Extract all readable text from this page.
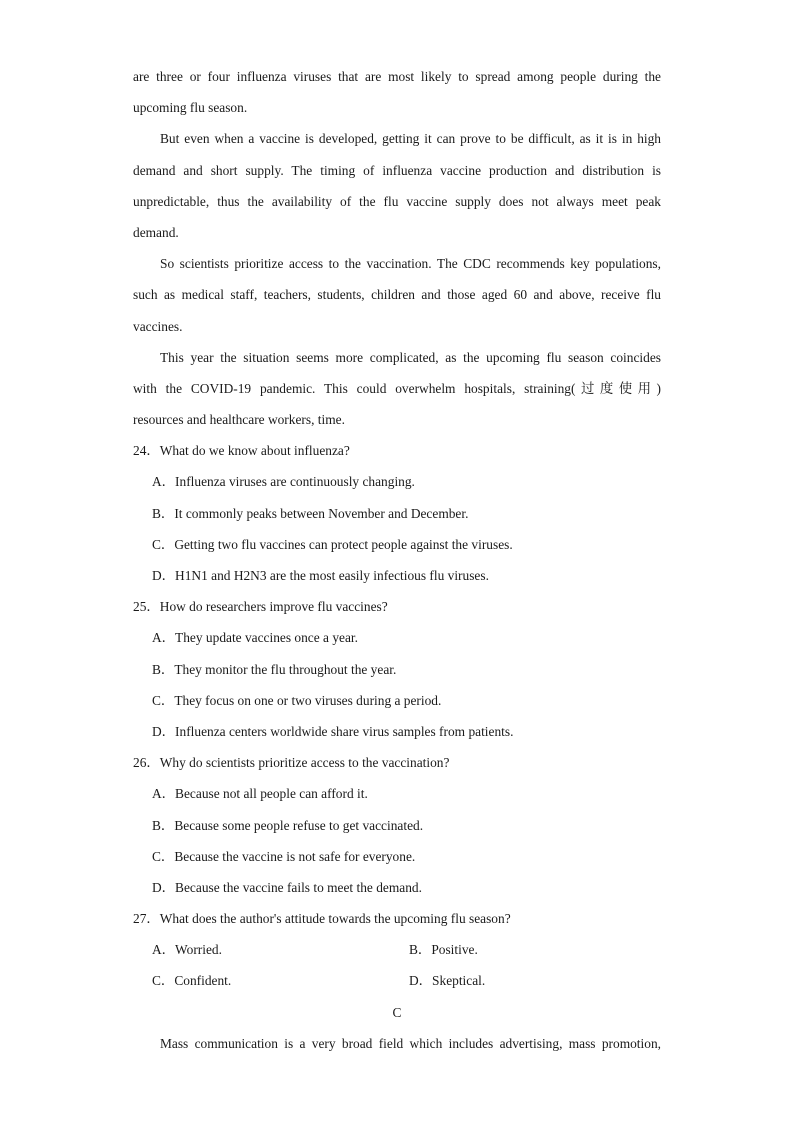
are three or four influenza viruses that are most likely to spread among people during the
upcoming flu season.
But even when a vaccine is developed, getting it can prove to be difficult, as it is in high
demand and short supply. The timing of influenza vaccine production and distribution is
unpredictable, thus the availability of the flu vaccine supply does not always meet peak
demand.
So scientists prioritize access to the vaccination. The CDC recommends key populations,
such as medical staff, teachers, students, children and those aged 60 and above, receive flu
vaccines.
This year the situation seems more complicated, as the upcoming flu season coincides
with the COVID-19 pandemic. This could overwhelm hospitals, straining(过度使用)
resources and healthcare workers, time.
24．What do we know about influenza?
A．Influenza viruses are continuously changing.
B．It commonly peaks between November and December.
C．Getting two flu vaccines can protect people against the viruses.
D．H1N1 and H2N3 are the most easily infectious flu viruses.
25．How do researchers improve flu vaccines?
A．They update vaccines once a year.
B．They monitor the flu throughout the year.
C．They focus on one or two viruses during a period.
D．Influenza centers worldwide share virus samples from patients.
26．Why do scientists prioritize access to the vaccination?
A．Because not all people can afford it.
B．Because some people refuse to get vaccinated.
C．Because the vaccine is not safe for everyone.
D．Because the vaccine fails to meet the demand.
27．What does the author's attitude towards the upcoming flu season?
A．Worried.	B．Positive.
C．Confident.	D．Skeptical.
C
Mass communication is a very broad field which includes advertising, mass promotion,
